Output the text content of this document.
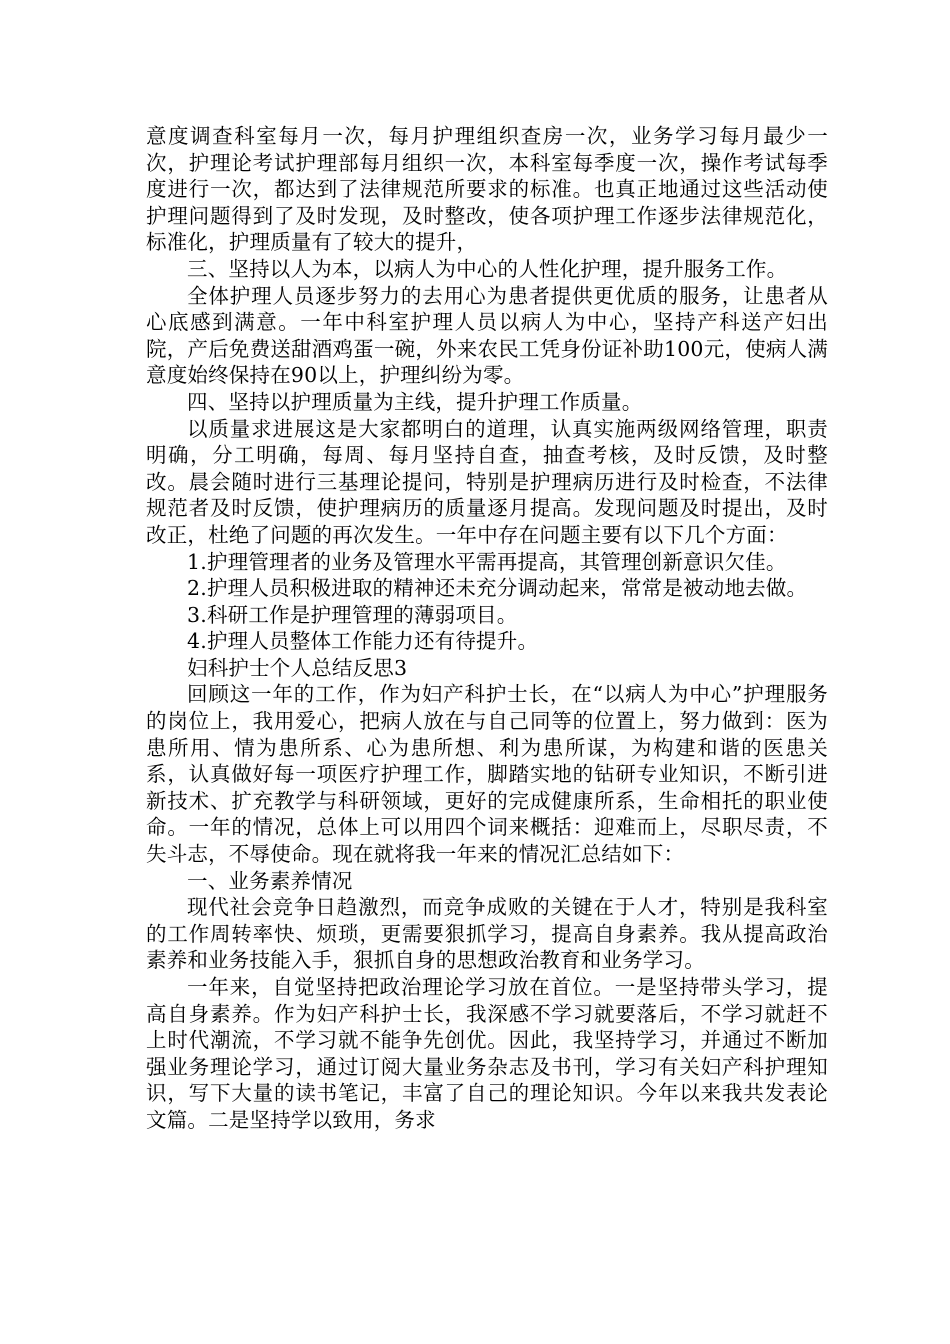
意度调查科室每月一次，每月护理组织查房一次，业务学习每月最少一次，护理论考试护理部每月组织一次，本科室每季度一次，操作考试每季度进行一次，都达到了法律规范所要求的标准。也真正地通过这些活动使护理问题得到了及时发现，及时整改，使各项护理工作逐步法律规范化，标准化，护理质量有了较大的提升，

三、坚持以人为本，以病人为中心的人性化护理，提升服务工作。

全体护理人员逐步努力的去用心为患者提供更优质的服务，让患者从心底感到满意。一年中科室护理人员以病人为中心，坚持产科送产妇出院，产后免费送甜酒鸡蛋一碗，外来农民工凭身份证补助100元，使病人满意度始终保持在90以上，护理纠纷为零。

四、坚持以护理质量为主线，提升护理工作质量。

以质量求进展这是大家都明白的道理，认真实施两级网络管理，职责明确，分工明确，每周、每月坚持自查，抽查考核，及时反馈，及时整改。晨会随时进行三基理论提问，特别是护理病历进行及时检查，不法律规范者及时反馈，使护理病历的质量逐月提高。发现问题及时提出，及时改正，杜绝了问题的再次发生。一年中存在问题主要有以下几个方面：

1.护理管理者的业务及管理水平需再提高，其管理创新意识欠佳。

2.护理人员积极进取的精神还未充分调动起来，常常是被动地去做。

3.科研工作是护理管理的薄弱项目。

4.护理人员整体工作能力还有待提升。

妇科护士个人总结反思3

回顾这一年的工作，作为妇产科护士长，在“以病人为中心”护理服务的岗位上，我用爱心，把病人放在与自己同等的位置上，努力做到：医为患所用、情为患所系、心为患所想、利为患所谋，为构建和谐的医患关系，认真做好每一项医疗护理工作，脚踏实地的钻研专业知识，不断引进新技术、扩充教学与科研领域，更好的完成健康所系，生命相托的职业使命。一年的情况，总体上可以用四个词来概括：迎难而上，尽职尽责，不失斗志，不辱使命。现在就将我一年来的情况汇总结如下：

一、业务素养情况

现代社会竞争日趋激烈，而竞争成败的关键在于人才，特别是我科室的工作周转率快、烦琐，更需要狠抓学习，提高自身素养。我从提高政治素养和业务技能入手，狠抓自身的思想政治教育和业务学习。

一年来，自觉坚持把政治理论学习放在首位。一是坚持带头学习，提高自身素养。作为妇产科护士长，我深感不学习就要落后，不学习就赶不上时代潮流，不学习就不能争先创优。因此，我坚持学习，并通过不断加强业务理论学习，通过订阅大量业务杂志及书刊，学习有关妇产科护理知识，写下大量的读书笔记，丰富了自己的理论知识。今年以来我共发表论文篇。二是坚持学以致用，务求
